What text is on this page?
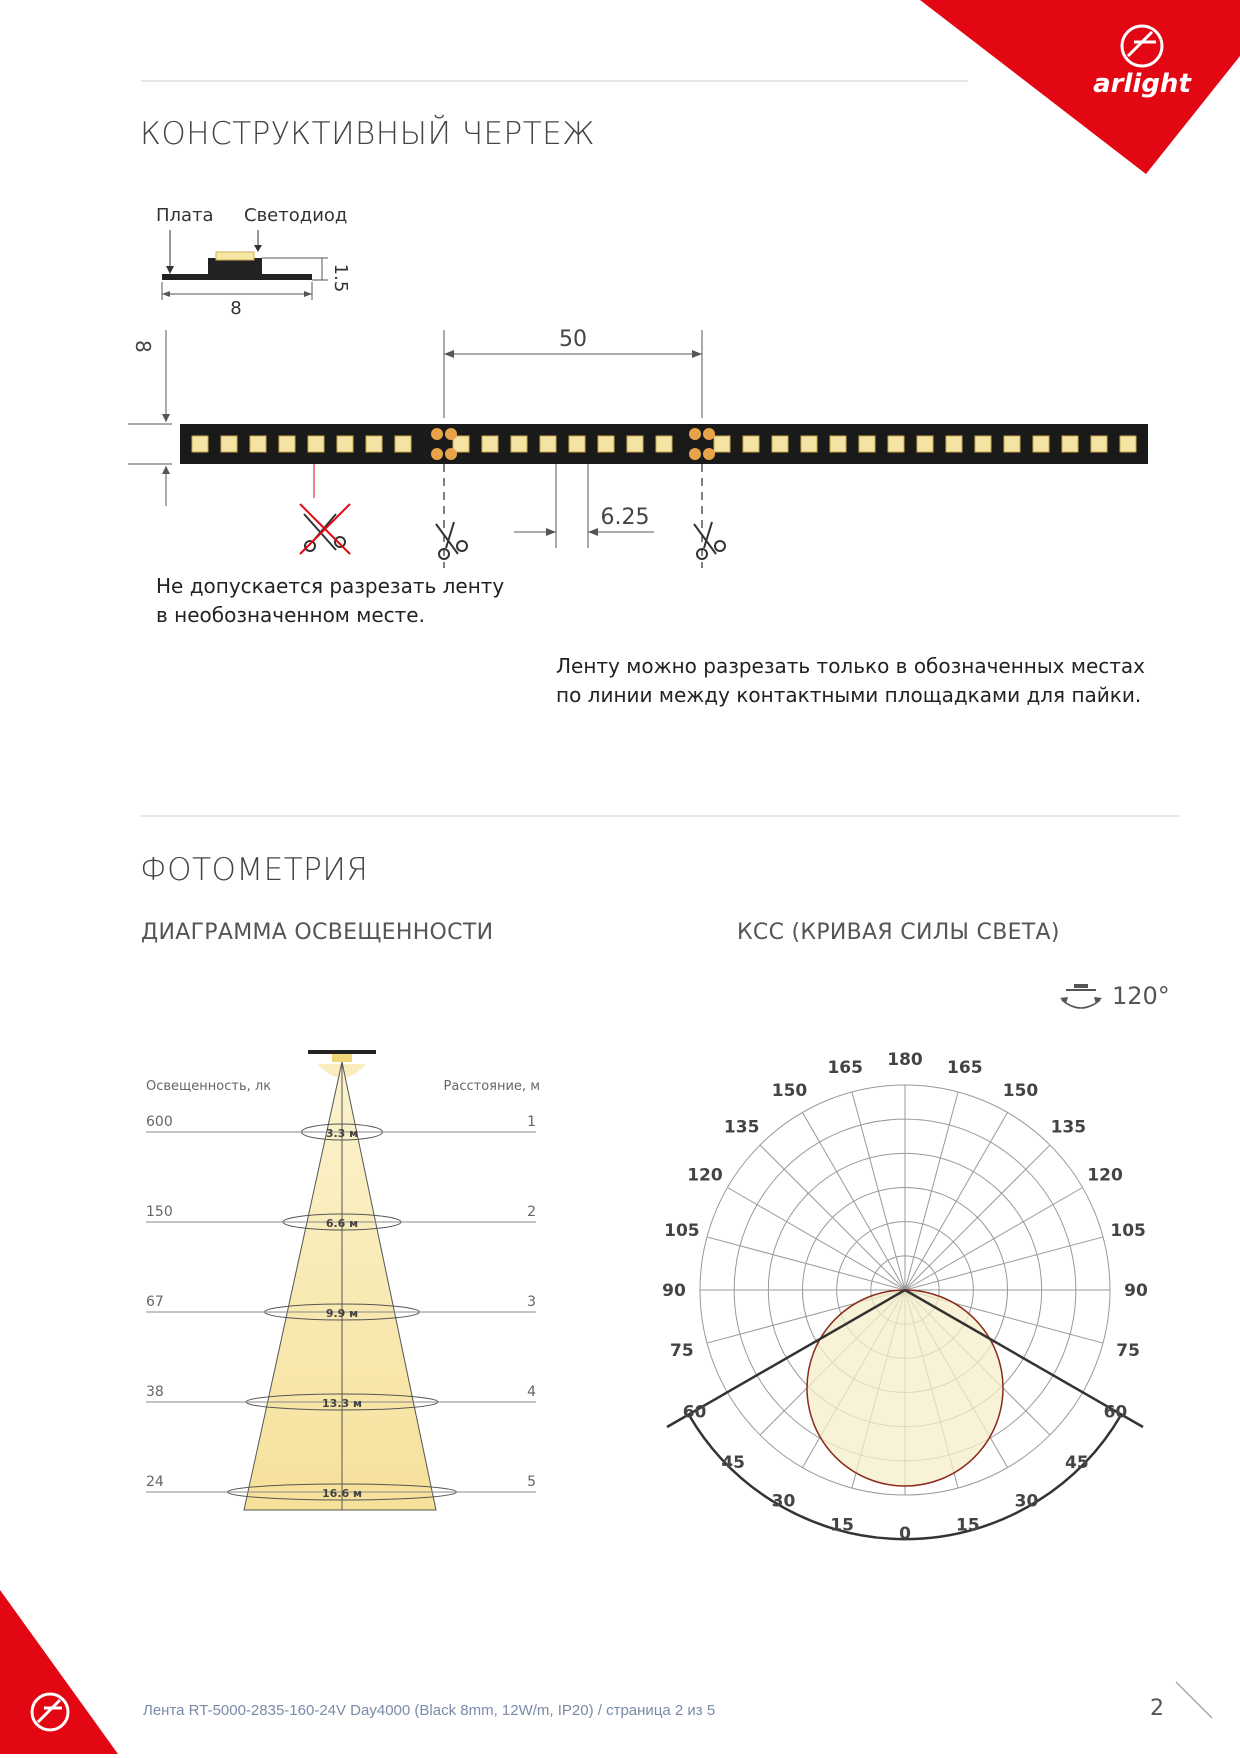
arlight
КОНСТРУКТИВНЫЙ ЧЕРТЕЖ
Плата Светодиод
1.5
8
8	50
6.25
Не допускается разрезать ленту
в необозначенном месте.
Ленту можно разрезать только в обозначенных местах
по линии между контактными площадками для пайки.
ФОТОМЕТРИЯ
ДИАГРАММА ОСВЕЩЕННОСТИ	КСС (КРИВАЯ СИЛЫ СВЕТА)
120°
Освещенность, лк	Расстояние, м
600	1
3.3 м
150	2
6.6 м
67	3
9.9 м
38	4
13.3 м
24	5
16.6 м
180
165
150
135
120
105
90
75
60
45
30
15	0
165
150
135
120
105
90
75
60
45
30
15
Лента RT-5000-2835-160-24V Day4000 (Black 8mm, 12W/m, IP20) / страница 2 из 5	2
